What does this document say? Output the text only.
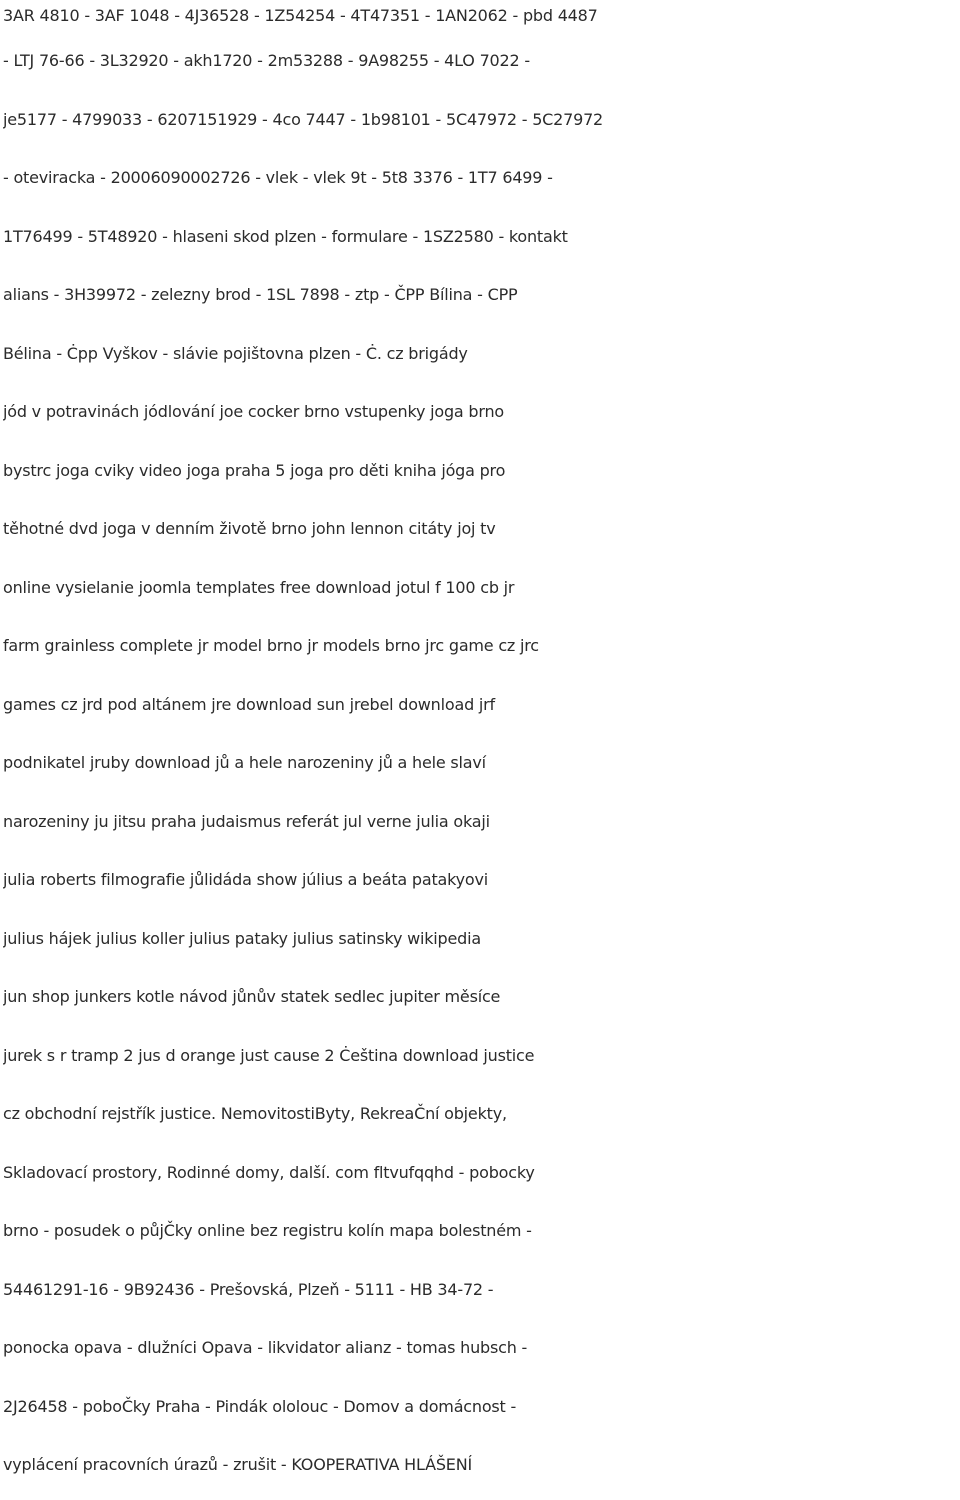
3AR 4810 - 3AF 1048 - 4J36528 - 1Z54254 - 4T47351 - 1AN2062 - pbd 4487
- LTJ 76-66 - 3L32920 - akh1720 - 2m53288 - 9A98255 - 4LO 7022 -
je5177 - 4799033 - 6207151929 - 4co 7447 - 1b98101 - 5C47972 - 5C27972
- oteviracka - 20006090002726 - vlek - vlek 9t - 5t8 3376 - 1T7 6499 -
1T76499 - 5T48920 - hlaseni skod plzen - formulare - 1SZ2580 - kontakt
alians - 3H39972 - zelezny brod - 1SL 7898 - ztp - ČPP Bílina - CPP
Bélina - Ċpp Vyškov - slávie pojištovna plzen - Ċ. cz brigády
jód v potravinách jódlování joe cocker brno vstupenky joga brno
bystrc joga cviky video joga praha 5 joga pro děti kniha jóga pro
těhotné dvd joga v denním životě brno john lennon citáty joj tv
online vysielanie joomla templates free download jotul f 100 cb jr
farm grainless complete jr model brno jr models brno jrc game cz jrc
games cz jrd pod altánem jre download sun jrebel download jrf
podnikatel jruby download jů a hele narozeniny jů a hele slaví
narozeniny ju jitsu praha judaismus referát jul verne julia okaji
julia roberts filmografie jůlidáda show július a beáta patakyovi
julius hájek julius koller julius pataky julius satinsky wikipedia
jun shop junkers kotle návod jůnův statek sedlec jupiter měsíce
jurek s r tramp 2 jus d orange just cause 2 Ċeština download justice
cz obchodní rejstřík justice. NemovitostiByty, RekreaČní objekty,
Skladovací prostory, Rodinné domy, další. com fltvufqqhd - pobocky
brno - posudek o půjČky online bez registru kolín mapa bolestném -
54461291-16 - 9B92436 - Prešovská, Plzeň - 5111 - HB 34-72 -
ponocka opava - dlužníci Opava - likvidator alianz - tomas hubsch -
2J26458 - poboČky Praha - Pindák ololouc - Domov a domácnost -
vyplácení pracovních úrazů - zrušit - KOOPERATIVA HLÁŠENÍ
